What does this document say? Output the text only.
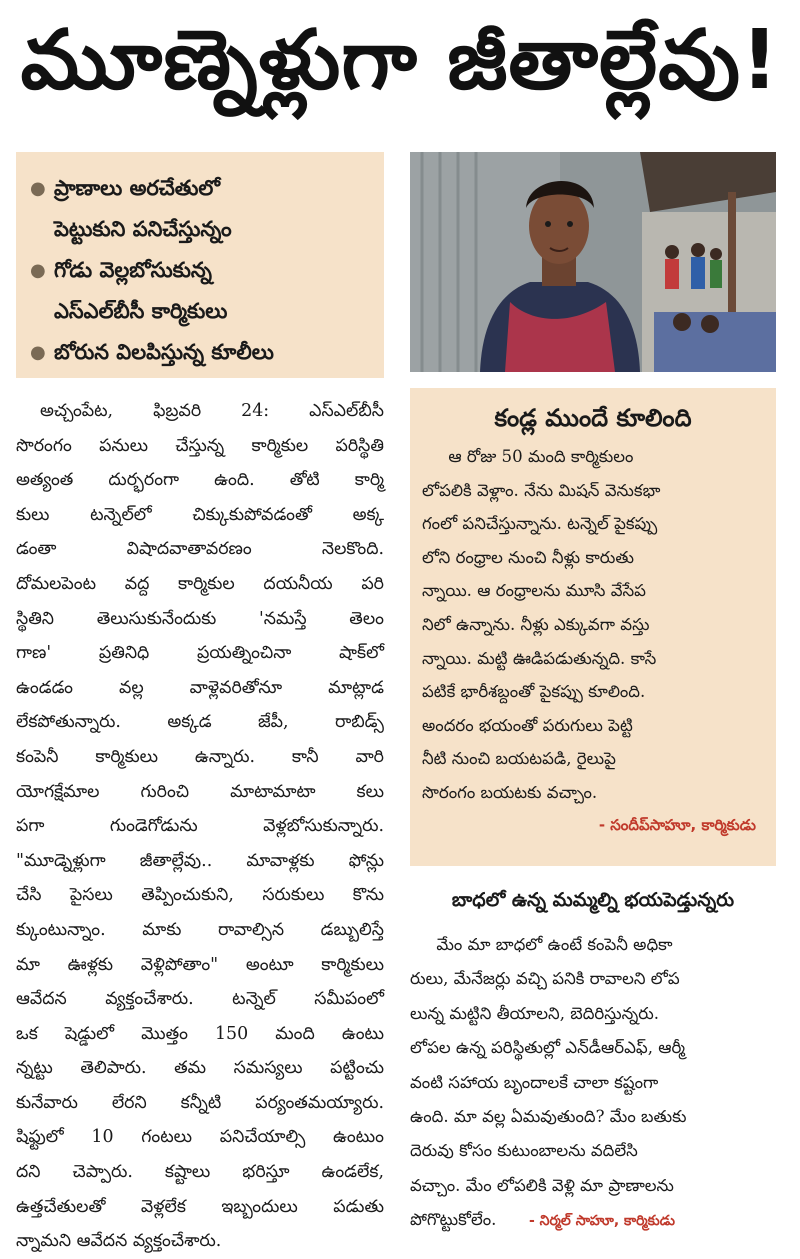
మూణ్నెళ్లుగా జీతాల్లేవు!
● ప్రాణాలు అరచేతులో
పెట్టుకుని పనిచేస్తున్నం
● గోడు వెల్లబోసుకున్న
ఎస్ఎల్‌బీసీ కార్మికులు
● బోరున విలపిస్తున్న కూలీలు

అచ్చంపేట, ఫిబ్రవరి 24: ఎస్ఎల్‌బీసీ

సొరంగం పనులు చేస్తున్న కార్మికుల పరిస్థితి

అత్యంత దుర్భరంగా ఉంది. తోటి కార్మి

కులు టన్నెల్‌లో చిక్కుకుపోవడంతో అక్క

డంతా విషాదవాతావరణం నెలకొంది.

దోమలపెంట వద్ద కార్మికుల దయనీయ పరి

స్థితిని తెలుసుకునేందుకు 'నమస్తే తెలం

గాణ' ప్రతినిధి ప్రయత్నించినా షాక్‌లో

ఉండడం వల్ల వాళ్లెవరితోనూ మాట్లాడ

లేకపోతున్నారు. అక్కడ జేపీ, రాబిడ్స్

కంపెనీ కార్మికులు ఉన్నారు. కానీ వారి

యోగక్షేమాల గురించి మాటామాటా కలు

పగా గుండెగోడును వెళ్లబోసుకున్నారు.

"మూడ్నెళ్లుగా జీతాల్లేవు.. మావాళ్లకు ఫోన్లు

చేసి పైసలు తెప్పించుకుని, సరుకులు కొను

క్కుంటున్నాం. మాకు రావాల్సిన డబ్బులిస్తే

మా ఊళ్లకు వెళ్లిపోతాం" అంటూ కార్మికులు

ఆవేదన వ్యక్తంచేశారు. టన్నెల్ సమీపంలో

ఒక షెడ్డులో మొత్తం 150 మంది ఉంటు

న్నట్టు తెలిపారు. తమ సమస్యలు పట్టించు

కునేవారు లేరని కన్నీటి పర్యంతమయ్యారు.

షిఫ్టులో 10 గంటలు పనిచేయాల్సి ఉంటుం

దని చెప్పారు. కష్టాలు భరిస్తూ ఉండలేక,

ఉత్తచేతులతో వెళ్లలేక ఇబ్బందులు పడుతు

న్నామని ఆవేదన వ్యక్తంచేశారు.

కండ్ల ముందే కూలింది

ఆ రోజు 50 మంది కార్మికులం

లోపలికి వెళ్లాం. నేను మిషన్ వెనుకభా

గంలో పనిచేస్తున్నాను. టన్నెల్ పైకప్పు

లోని రంధ్రాల నుంచి నీళ్లు కారుతు

న్నాయి. ఆ రంధ్రాలను మూసి వేసేప

నిలో ఉన్నాను. నీళ్లు ఎక్కువగా వస్తు

న్నాయి. మట్టి ఊడిపడుతున్నది. కాసే

పటికే భారీశబ్దంతో పైకప్పు కూలింది.

అందరం భయంతో పరుగులు పెట్టి

నీటి నుంచి బయటపడి, రైలుపై

సొరంగం బయటకు వచ్చాం.

- సందీప్‌సాహూ, కార్మికుడు
బాధలో ఉన్న మమ్మల్ని భయపెడ్తున్నరు

మేం మా బాధలో ఉంటే కంపెనీ అధికా

రులు, మేనేజర్లు వచ్చి పనికి రావాలని లోప

లున్న మట్టిని తీయాలని, బెదిరిస్తున్నరు.

లోపల ఉన్న పరిస్థితుల్లో ఎన్‌డీఆర్ఎఫ్, ఆర్మీ

వంటి సహాయ బృందాలకే చాలా కష్టంగా

ఉంది. మా వల్ల ఏమవుతుంది? మేం బతుకు

దెరువు కోసం కుటుంబాలను వదిలేసి

వచ్చాం. మేం లోపలికి వెళ్లి మా ప్రాణాలను

పోగొట్టుకోలేం. - నిర్మల్ సాహూ, కార్మికుడు
